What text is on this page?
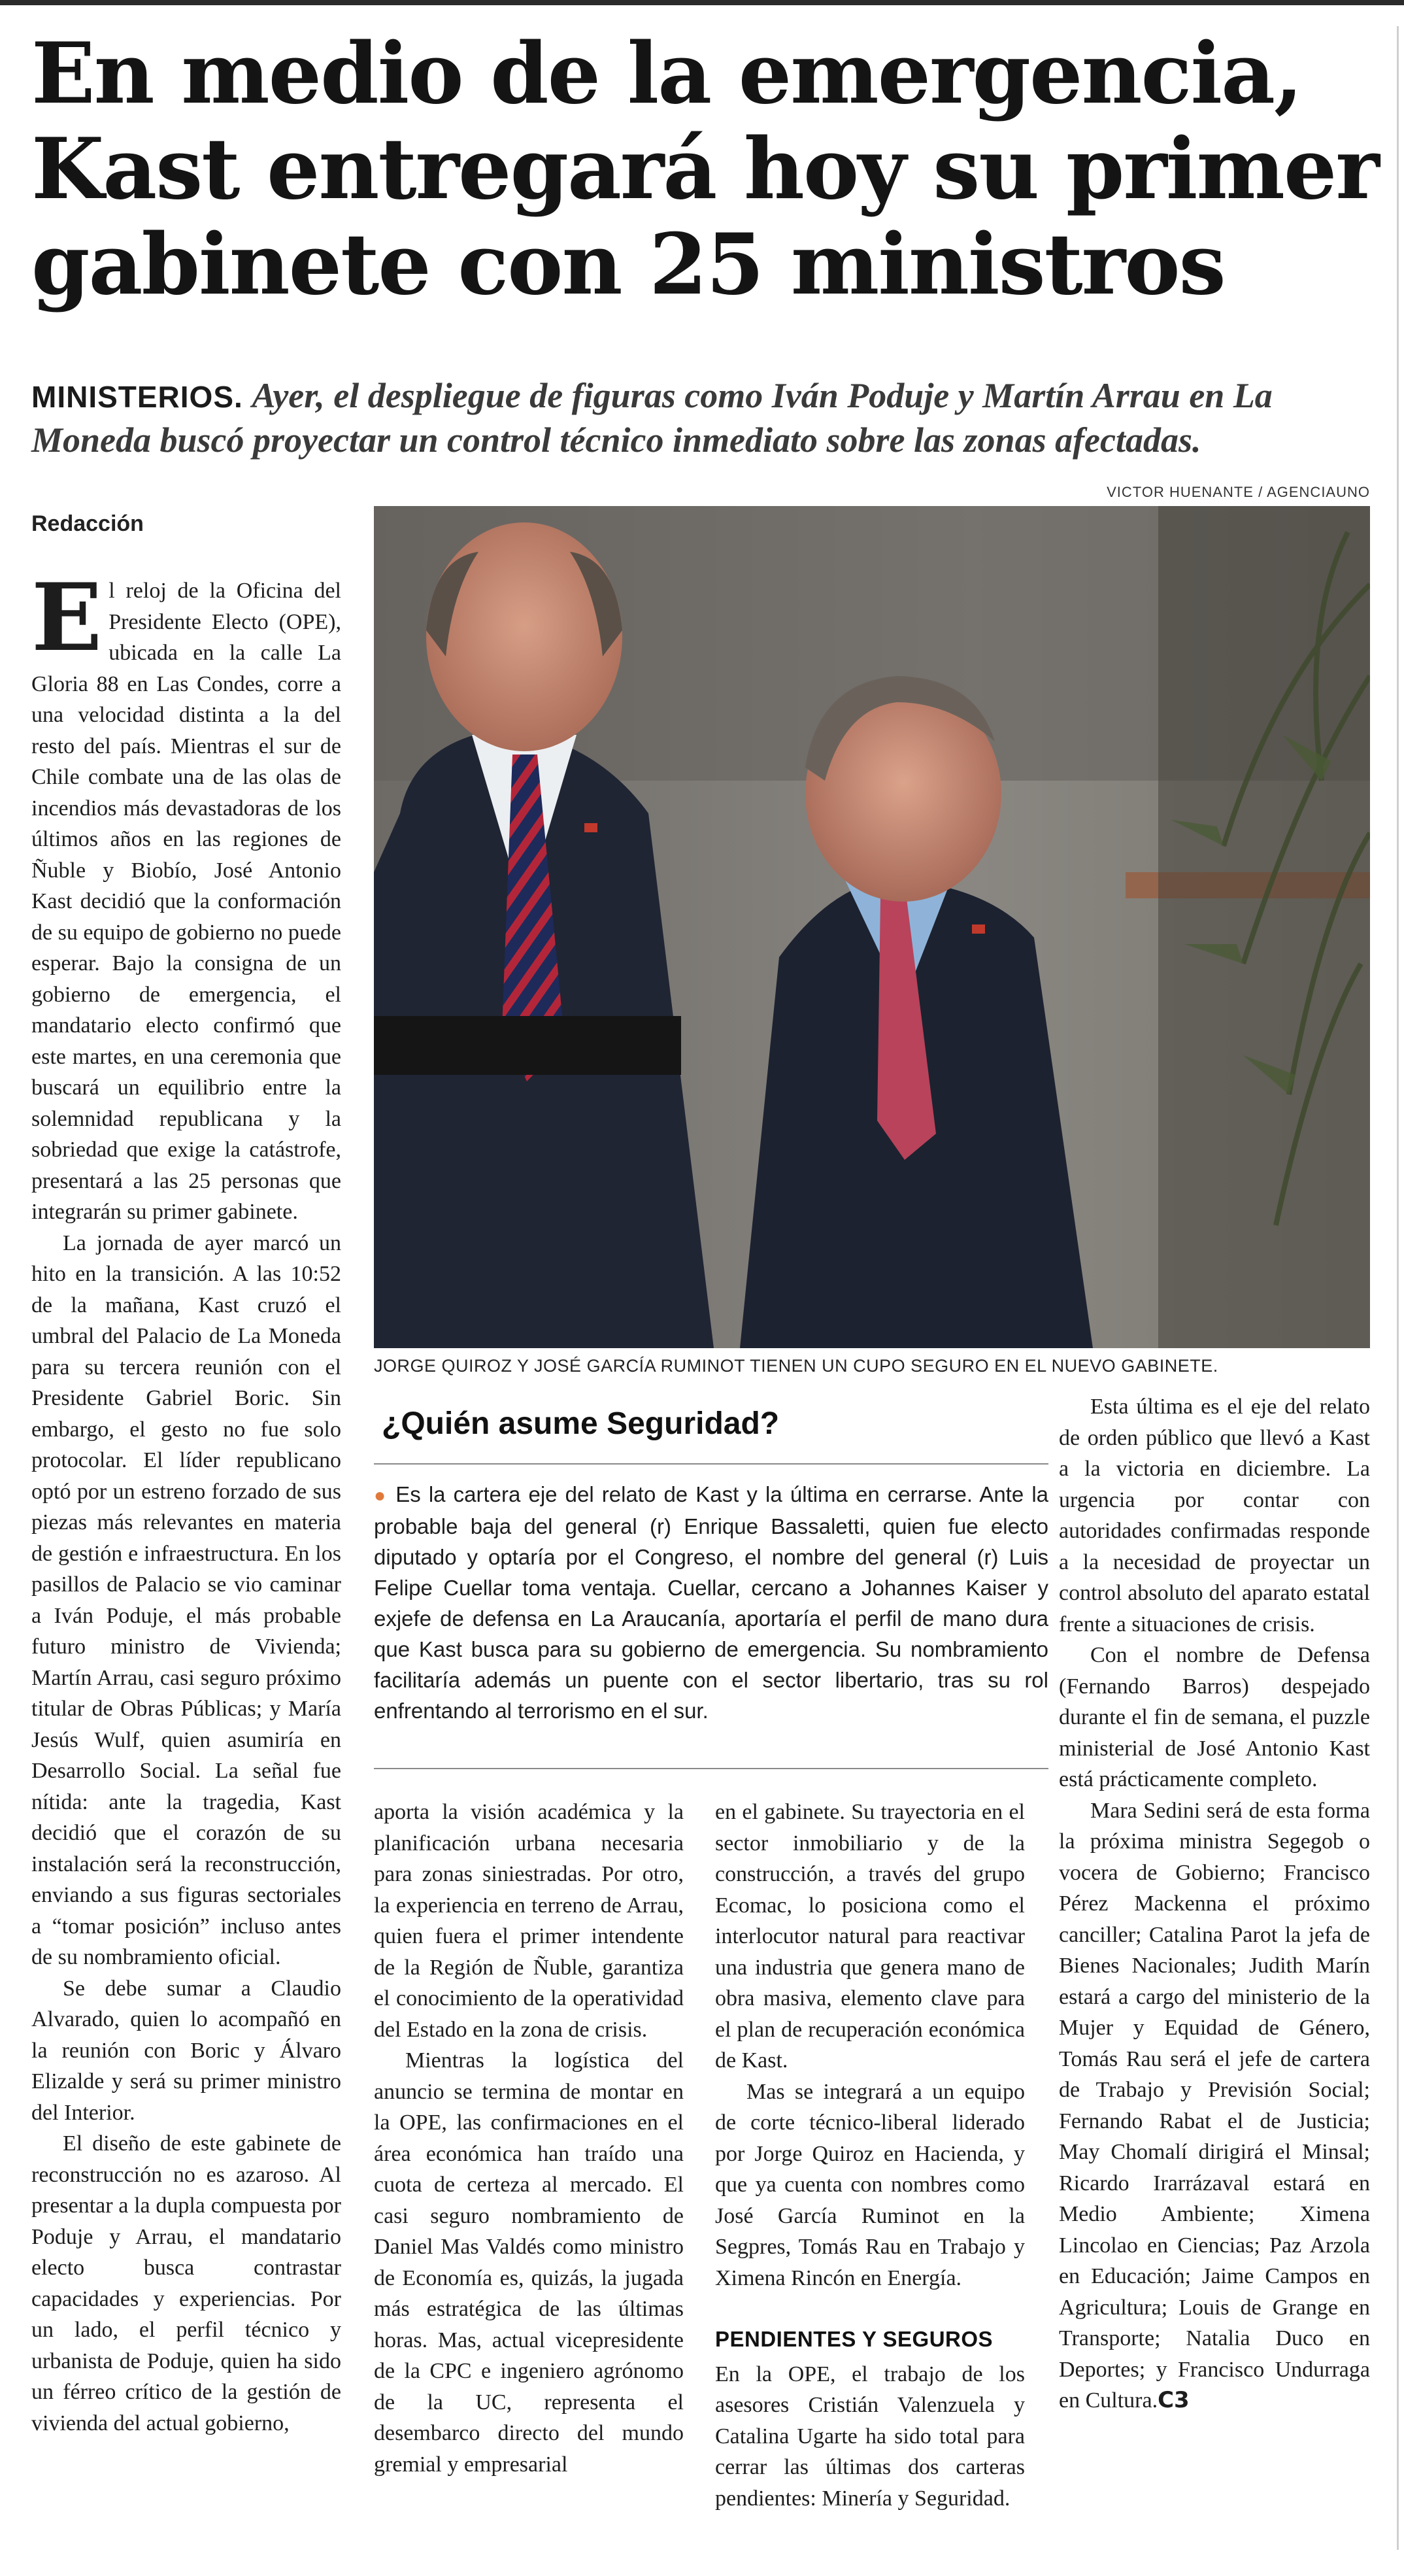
En medio de la emergencia,
Kast entregará hoy su primer
gabinete con 25 ministros
MINISTERIOS. Ayer, el despliegue de figuras como Iván Poduje y Martín Arrau en La Moneda buscó proyectar un control técnico inmediato sobre las zonas afectadas.
VICTOR HUENANTE / AGENCIAUNO
Redacción
JORGE QUIROZ Y JOSÉ GARCÍA RUMINOT TIENEN UN CUPO SEGURO EN EL NUEVO GABINETE.

El reloj de la Oficina del Presidente Electo (OPE), ubicada en la calle La Gloria 88 en Las Condes, corre a una velocidad distinta a la del resto del país. Mientras el sur de Chile combate una de las olas de incendios más devastadoras de los últimos años en las regiones de Ñuble y Biobío, José Antonio Kast decidió que la conformación de su equipo de gobierno no puede esperar. Bajo la consigna de un gobierno de emergencia, el mandatario electo confirmó que este martes, en una ceremonia que buscará un equilibrio entre la solemnidad republicana y la sobriedad que exige la catástrofe, presentará a las 25 personas que integrarán su primer gabinete.

La jornada de ayer marcó un hito en la transición. A las 10:52 de la mañana, Kast cruzó el umbral del Palacio de La Moneda para su tercera reunión con el Presidente Gabriel Boric. Sin embargo, el gesto no fue solo protocolar. El líder republicano optó por un estreno forzado de sus piezas más relevantes en materia de gestión e infraestructura. En los pasillos de Palacio se vio caminar a Iván Poduje, el más probable futuro ministro de Vivienda; Martín Arrau, casi seguro próximo titular de Obras Públicas; y María Jesús Wulf, quien asumiría en Desarrollo Social. La señal fue nítida: ante la tragedia, Kast decidió que el corazón de su instalación será la reconstrucción, enviando a sus figuras sectoriales a “tomar posición” incluso antes de su nombramiento oficial.

Se debe sumar a Claudio Alvarado, quien lo acompañó en la reunión con Boric y Álvaro Elizalde y será su primer ministro del Interior.

El diseño de este gabinete de reconstrucción no es azaroso. Al presentar a la dupla compuesta por Poduje y Arrau, el mandatario electo busca contrastar capacidades y experiencias. Por un lado, el perfil técnico y urbanista de Poduje, quien ha sido un férreo crítico de la gestión de vivienda del actual gobierno,

¿Quién asume Seguridad?
● Es la cartera eje del relato de Kast y la última en cerrarse. Ante la probable baja del general (r) Enrique Bassaletti, quien fue electo diputado y optaría por el Congreso, el nombre del general (r) Luis Felipe Cuellar toma ventaja. Cuellar, cercano a Johannes Kaiser y exjefe de defensa en La Araucanía, aportaría el perfil de mano dura que Kast busca para su gobierno de emergencia. Su nombramiento facilitaría además un puente con el sector libertario, tras su rol enfrentando al terrorismo en el sur.

aporta la visión académica y la planificación urbana necesaria para zonas siniestradas. Por otro, la experiencia en terreno de Arrau, quien fuera el primer intendente de la Región de Ñuble, garantiza el conocimiento de la operatividad del Estado en la zona de crisis.

Mientras la logística del anuncio se termina de montar en la OPE, las confirmaciones en el área económica han traído una cuota de certeza al mercado. El casi seguro nombramiento de Daniel Mas Valdés como ministro de Economía es, quizás, la jugada más estratégica de las últimas horas. Mas, actual vicepresidente de la CPC e ingeniero agrónomo de la UC, representa el desembarco directo del mundo gremial y empresarial

en el gabinete. Su trayectoria en el sector inmobiliario y de la construcción, a través del grupo Ecomac, lo posiciona como el interlocutor natural para reactivar una industria que genera mano de obra masiva, elemento clave para el plan de recuperación económica de Kast.

Mas se integrará a un equipo de corte técnico-liberal liderado por Jorge Quiroz en Hacienda, y que ya cuenta con nombres como José García Ruminot en la Segpres, Tomás Rau en Trabajo y Ximena Rincón en Energía.

PENDIENTES Y SEGUROS

En la OPE, el trabajo de los asesores Cristián Valenzuela y Catalina Ugarte ha sido total para cerrar las últimas dos carteras pendientes: Minería y Seguridad.

Esta última es el eje del relato de orden público que llevó a Kast a la victoria en diciembre. La urgencia por contar con autoridades confirmadas responde a la necesidad de proyectar un control absoluto del aparato estatal frente a situaciones de crisis.

Con el nombre de Defensa (Fernando Barros) despejado durante el fin de semana, el puzzle ministerial de José Antonio Kast está prácticamente completo.

Mara Sedini será de esta forma la próxima ministra Segegob o vocera de Gobierno; Francisco Pérez Mackenna el próximo canciller; Catalina Parot la jefa de Bienes Nacionales; Judith Marín estará a cargo del ministerio de la Mujer y Equidad de Género, Tomás Rau será el jefe de cartera de Trabajo y Previsión Social; Fernando Rabat el de Justicia; May Chomalí dirigirá el Minsal; Ricardo Irarrázaval estará en Medio Ambiente; Ximena Lincolao en Ciencias; Paz Arzola en Educación; Jaime Campos en Agricultura; Louis de Grange en Transporte; Natalia Duco en Deportes; y Francisco Undurraga en Cultura.C3
